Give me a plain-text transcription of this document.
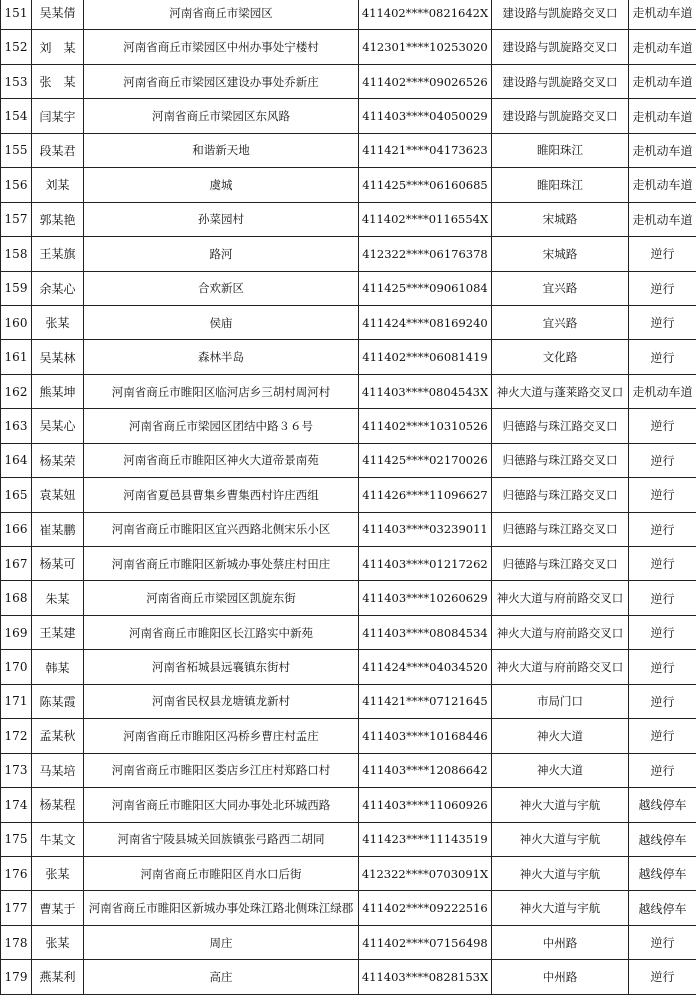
151	吴某倩	河南省商丘市梁园区	411402****0821642X	建设路与凯旋路交叉口	走机动车道
152	刘　某	河南省商丘市梁园区中州办事处宁楼村	412301****10253020	建设路与凯旋路交叉口	走机动车道
153	张　某	河南省商丘市梁园区建设办事处乔新庄	411402****09026526	建设路与凯旋路交叉口	走机动车道
154	闫某宇	河南省商丘市梁园区东风路	411403****04050029	建设路与凯旋路交叉口	走机动车道
155	段某君	和谐新天地	411421****04173623	睢阳珠江	走机动车道
156	刘某	虞城	411425****06160685	睢阳珠江	走机动车道
157	郭某艳	孙菜园村	411402****0116554X	宋城路	走机动车道
158	王某旗	路河	412322****06176378	宋城路	逆行
159	余某心	合欢新区	411425****09061084	宜兴路	逆行
160	张某	侯庙	411424****08169240	宜兴路	逆行
161	吴某林	森林半岛	411402****06081419	文化路	逆行
162	熊某坤	河南省商丘市睢阳区临河店乡三胡村周河村	411403****0804543X	神火大道与蓬莱路交叉口	走机动车道
163	吴某心	河南省商丘市梁园区团结中路３６号	411402****10310526	归德路与珠江路交叉口	逆行
164	杨某荣	河南省商丘市睢阳区神火大道帝景南苑	411425****02170026	归德路与珠江路交叉口	逆行
165	袁某妞	河南省夏邑县曹集乡曹集西村许庄西组	411426****11096627	归德路与珠江路交叉口	逆行
166	崔某鹏	河南省商丘市睢阳区宜兴西路北侧宋乐小区	411403****03239011	归德路与珠江路交叉口	逆行
167	杨某可	河南省商丘市睢阳区新城办事处蔡庄村田庄	411403****01217262	归德路与珠江路交叉口	逆行
168	朱某	河南省商丘市梁园区凯旋东街	411403****10260629	神火大道与府前路交叉口	逆行
169	王某建	河南省商丘市睢阳区长江路实中新苑	411403****08084534	神火大道与府前路交叉口	逆行
170	韩某	河南省柘城县远襄镇东街村	411424****04034520	神火大道与府前路交叉口	逆行
171	陈某霞	河南省民权县龙塘镇龙新村	411421****07121645	市局门口	逆行
172	孟某秋	河南省商丘市睢阳区冯桥乡曹庄村孟庄	411403****10168446	神火大道	逆行
173	马某培	河南省商丘市睢阳区娄店乡江庄村郑路口村	411403****12086642	神火大道	逆行
174	杨某程	河南省商丘市睢阳区大同办事处北环城西路	411403****11060926	神火大道与宇航	越线停车
175	牛某文	河南省宁陵县城关回族镇张弓路西二胡同	411423****11143519	神火大道与宇航	越线停车
176	张某	河南省商丘市睢阳区肖水口后街	412322****0703091X	神火大道与宇航	越线停车
177	曹某于	河南省商丘市睢阳区新城办事处珠江路北侧珠江绿郡	411402****09222516	神火大道与宇航	越线停车
178	张某	周庄	411402****07156498	中州路	逆行
179	燕某利	高庄	411403****0828153X	中州路	逆行
